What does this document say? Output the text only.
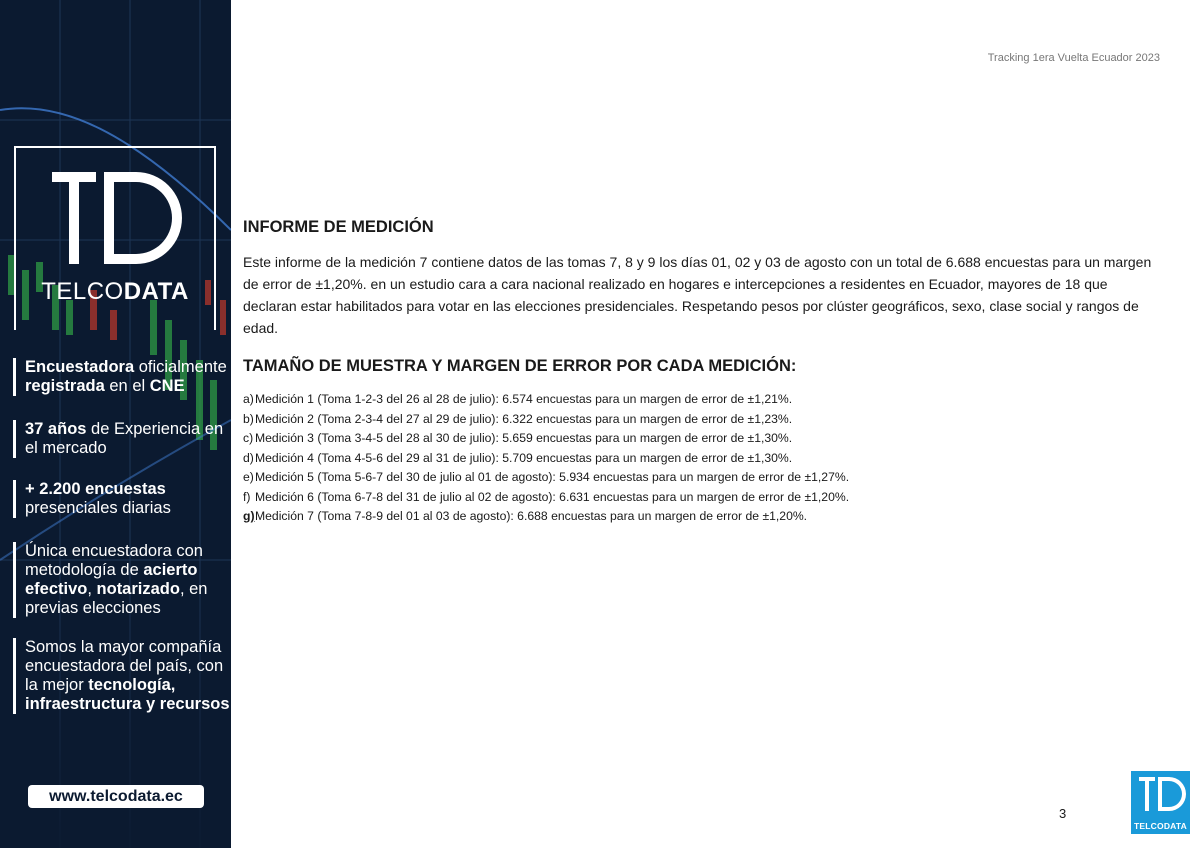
TELCODATA
Encuestadora oficialmente registrada en el CNE
37 años de Experiencia en el mercado
+ 2.200 encuestas
presenciales diarias
Única encuestadora con metodología de acierto efectivo, notarizado, en previas elecciones
Somos la mayor compañía encuestadora del país, con la mejor tecnología, infraestructura y recursos
www.telcodata.ec
Tracking 1era Vuelta Ecuador 2023
INFORME DE MEDICIÓN

Este informe de la medición 7 contiene datos de las tomas 7, 8 y 9 los días 01, 02 y 03 de agosto con un total de 6.688 encuestas para un margen de error de ±1,20%. en un estudio cara a cara nacional realizado en hogares e intercepciones a residentes en Ecuador, mayores de 18 que declaran estar habilitados para votar en las elecciones presidenciales. Respetando pesos por clúster geográficos, sexo, clase social y rangos de edad.

TAMAÑO DE MUESTRA Y MARGEN DE ERROR POR CADA MEDICIÓN:
a) Medición 1 (Toma 1-2-3 del 26 al 28 de julio): 6.574 encuestas para un margen de error de ±1,21%.
b) Medición 2 (Toma 2-3-4 del 27 al 29 de julio): 6.322 encuestas para un margen de error de ±1,23%.
c) Medición 3 (Toma 3-4-5 del 28 al 30 de julio): 5.659 encuestas para un margen de error de ±1,30%.
d) Medición 4 (Toma 4-5-6 del 29 al 31 de julio): 5.709 encuestas para un margen de error de ±1,30%.
e) Medición 5 (Toma 5-6-7 del 30 de julio al 01 de agosto): 5.934 encuestas para un margen de error de ±1,27%.
f) Medición 6 (Toma 6-7-8 del 31 de julio al 02 de agosto): 6.631 encuestas para un margen de error de ±1,20%.
g) Medición 7 (Toma 7-8-9 del 01 al 03 de agosto): 6.688 encuestas para un margen de error de ±1,20%.
3
TELCODATA
